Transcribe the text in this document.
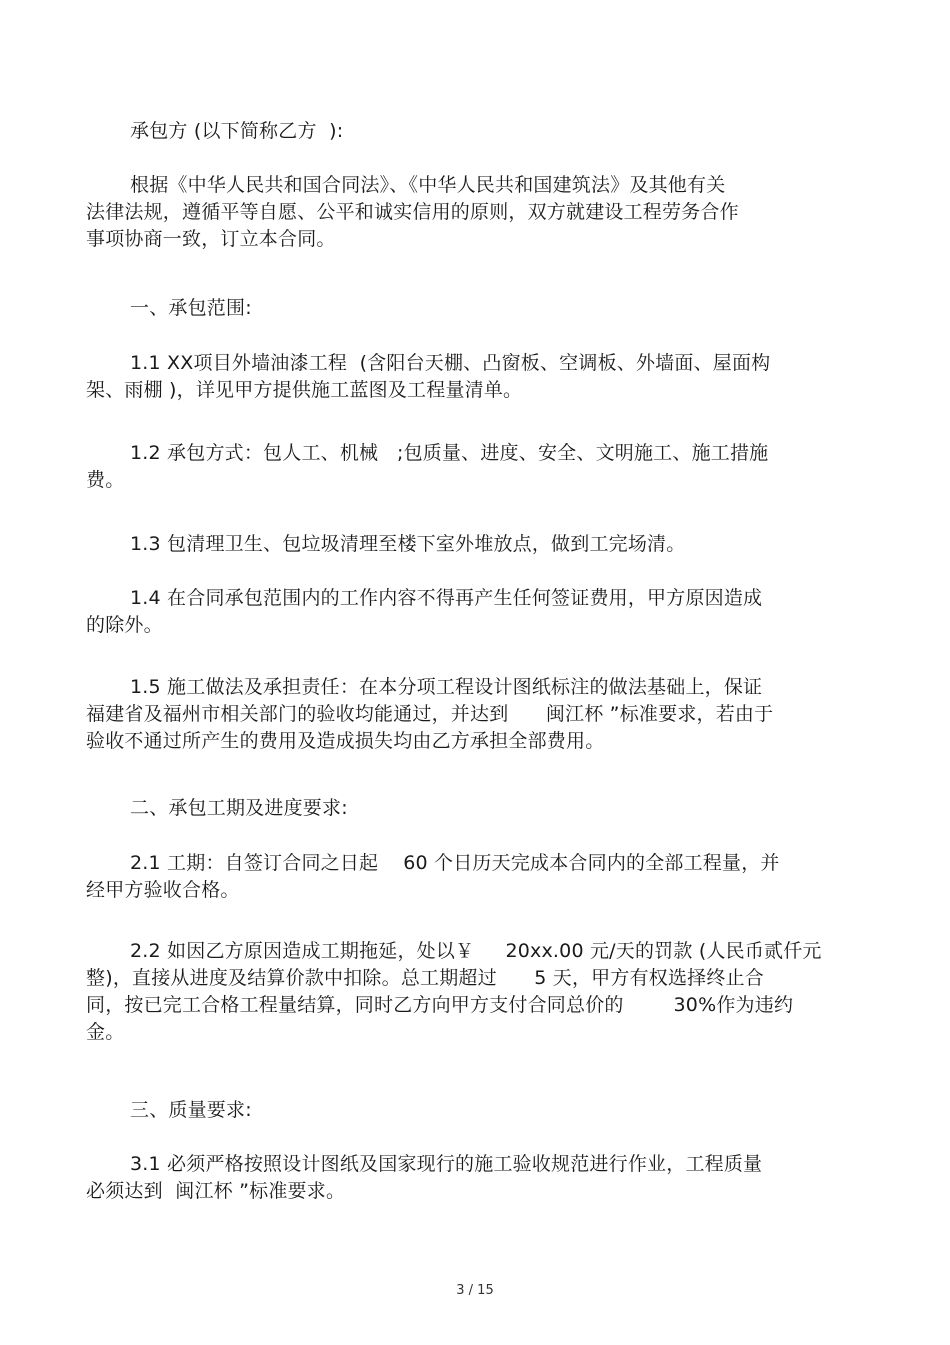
承包方 (以下简称乙方  ):
根据《中华人民共和国合同法》、《中华人民共和国建筑法》及其他有关
法律法规，遵循平等自愿、公平和诚实信用的原则，双方就建设工程劳务合作
事项协商一致，订立本合同。
一、承包范围:
1.1 XX项目外墙油漆工程  (含阳台天棚、凸窗板、空调板、外墙面、屋面构
架、雨棚 )，详见甲方提供施工蓝图及工程量清单。
1.2 承包方式：包人工、机械   ;包质量、进度、安全、文明施工、施工措施
费。
1.3 包清理卫生、包垃圾清理至楼下室外堆放点，做到工完场清。
1.4 在合同承包范围内的工作内容不得再产生任何签证费用，甲方原因造成
的除外。
1.5 施工做法及承担责任：在本分项工程设计图纸标注的做法基础上，保证
福建省及福州市相关部门的验收均能通过，并达到      闽江杯 ”标准要求，若由于
验收不通过所产生的费用及造成损失均由乙方承担全部费用。
二、承包工期及进度要求:
2.1 工期：自签订合同之日起    60 个日历天完成本合同内的全部工程量，并
经甲方验收合格。
2.2 如因乙方原因造成工期拖延，处以￥     20xx.00 元/天的罚款 (人民币贰仟元
整)，直接从进度及结算价款中扣除。总工期超过      5 天，甲方有权选择终止合
同，按已完工合格工程量结算，同时乙方向甲方支付合同总价的        30%作为违约
金。
三、质量要求:
3.1 必须严格按照设计图纸及国家现行的施工验收规范进行作业，工程质量
必须达到  闽江杯 ”标准要求。
3 / 15
